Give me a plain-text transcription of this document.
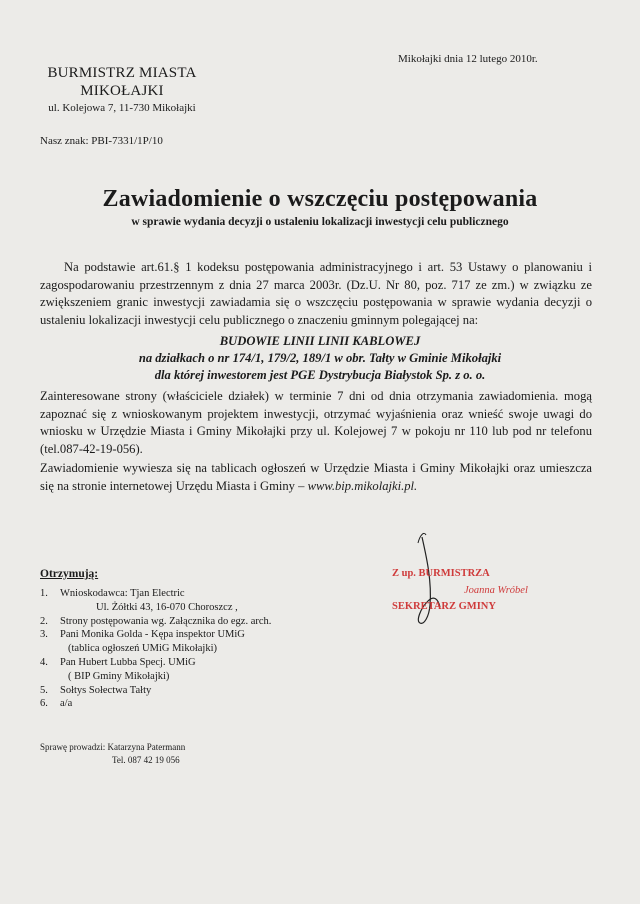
Mikołajki dnia 12 lutego 2010r.
BURMISTRZ MIASTA
MIKOŁAJKI
ul. Kolejowa 7, 11-730 Mikołajki
Nasz znak: PBI-7331/1P/10
Zawiadomienie o wszczęciu postępowania
w sprawie wydania decyzji o ustaleniu lokalizacji inwestycji celu publicznego
Na podstawie art.61.§ 1 kodeksu postępowania administracyjnego i art. 53 Ustawy o planowaniu i zagospodarowaniu przestrzennym z dnia 27 marca 2003r. (Dz.U. Nr 80, poz. 717 ze zm.) w związku ze zwiększeniem granic inwestycji zawiadamia się o wszczęciu postępowania w sprawie wydania decyzji o ustaleniu lokalizacji inwestycji celu publicznego o znaczeniu gminnym polegającej na:
BUDOWIE LINII LINII KABLOWEJ
na działkach o nr 174/1, 179/2, 189/1 w obr. Tałty w Gminie Mikołajki
dla której inwestorem jest PGE Dystrybucja Białystok Sp. z o. o.
Zainteresowane strony (właściciele działek) w terminie 7 dni od dnia otrzymania zawiadomienia. mogą zapoznać się z wnioskowanym projektem inwestycji, otrzymać wyjaśnienia oraz wnieść swoje uwagi do wniosku w Urzędzie Miasta i Gminy Mikołajki przy ul. Kolejowej 7 w pokoju nr 110 lub pod nr telefonu (tel.087-42-19-056).
Zawiadomienie wywiesza się na tablicach ogłoszeń w Urzędzie Miasta i Gminy Mikołajki oraz umieszcza się na stronie internetowej Urzędu Miasta i Gminy – www.bip.mikolajki.pl.
Otrzymują:
1.	Wnioskodawca: Tjan Electric
Ul. Żółtki 43, 16-070 Choroszcz ,
2.	Strony postępowania wg. Załącznika do egz. arch.
3.	Pani Monika Golda - Kępa inspektor UMiG
(tablica ogłoszeń UMiG Mikołajki)
4.	Pan Hubert Lubba Specj. UMiG
( BIP Gminy Mikołajki)
5.	Sołtys Sołectwa Tałty
6.	a/a
Z up. BURMISTRZA
Joanna Wróbel
SEKRETARZ GMINY
Sprawę prowadzi: Katarzyna Patermann
Tel. 087 42 19 056
